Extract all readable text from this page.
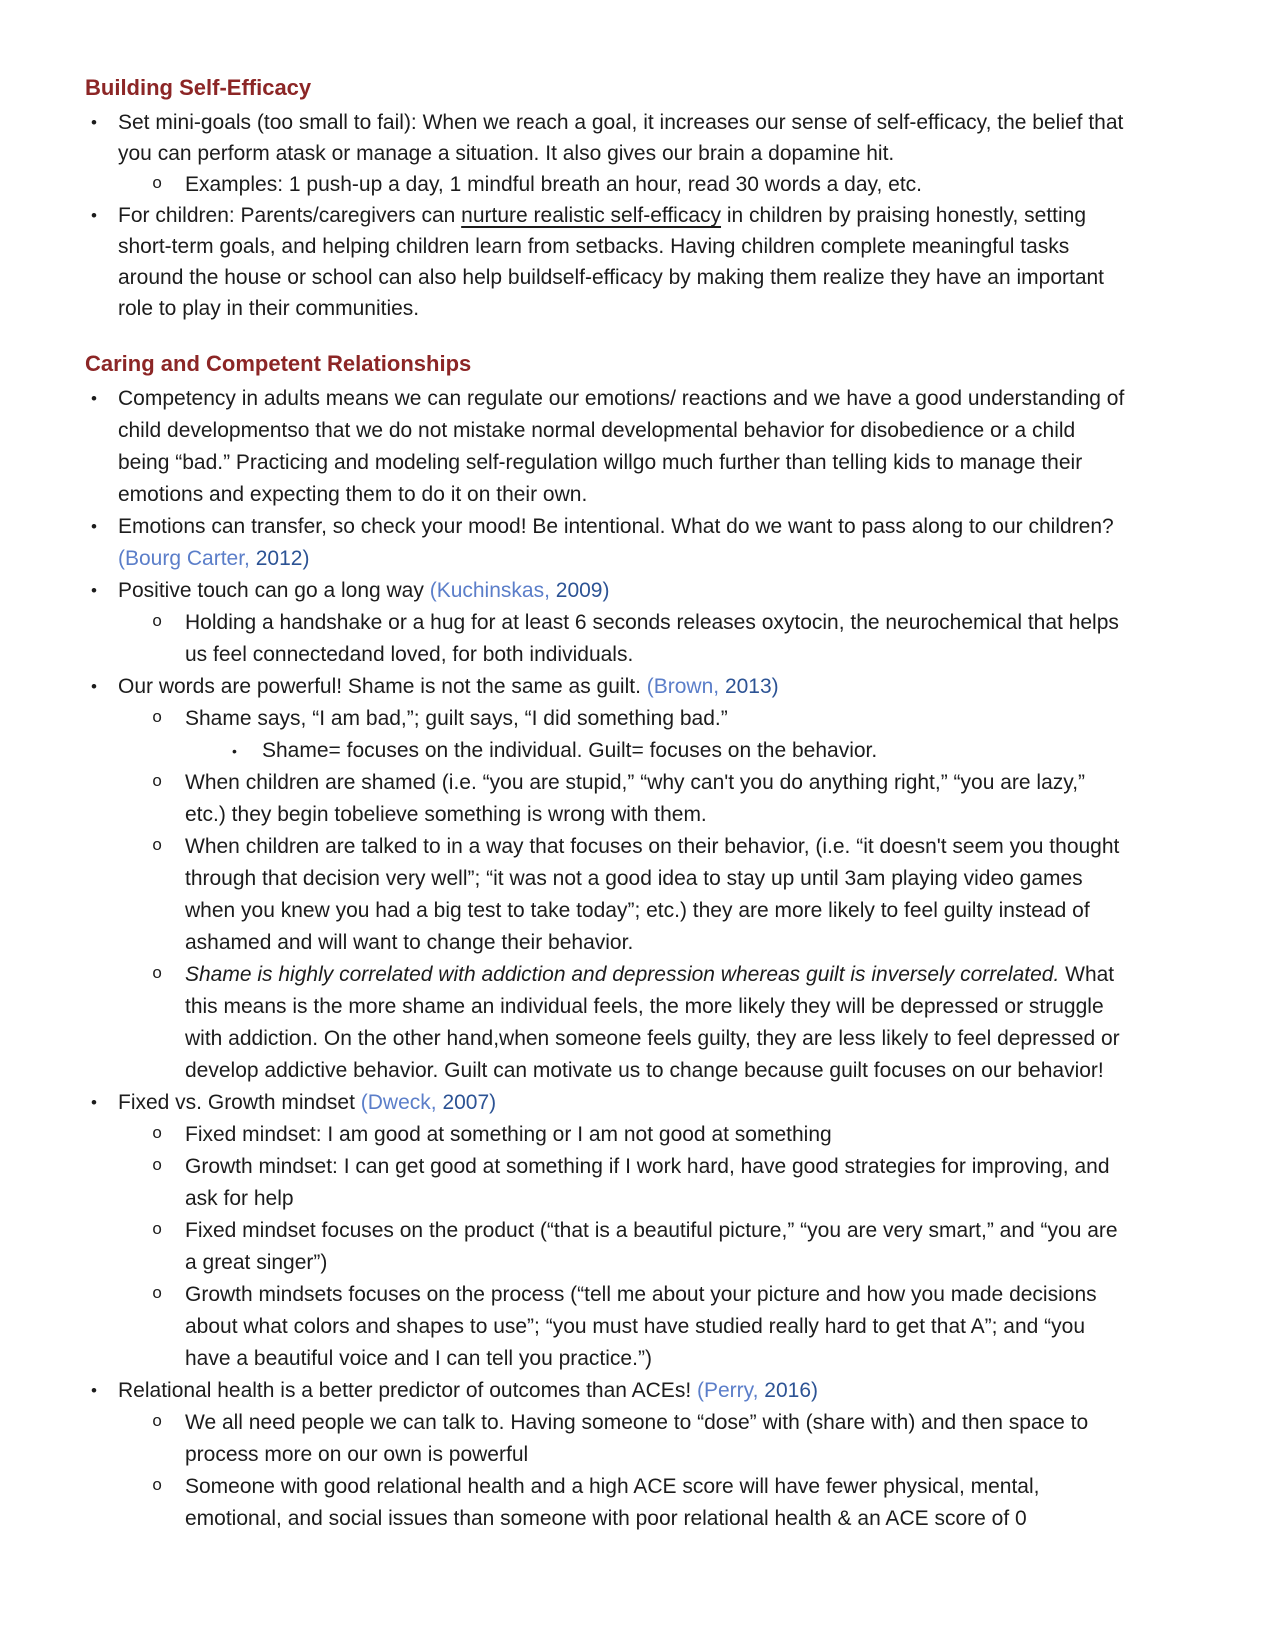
Building Self-Efficacy
• Set mini-goals (too small to fail): When we reach a goal, it increases our sense of self-efficacy, the belief that you can perform atask or manage a situation. It also gives our brain a dopamine hit.

o Examples: 1 push-up a day, 1 mindful breath an hour, read 30 words a day, etc.

• For children: Parents/caregivers can nurture realistic self-efficacy in children by praising honestly, setting short-term goals, and helping children learn from setbacks. Having children complete meaningful tasks around the house or school can also help buildself-efficacy by making them realize they have an important role to play in their communities.

Caring and Competent Relationships
• Competency in adults means we can regulate our emotions/ reactions and we have a good understanding of child developmentso that we do not mistake normal developmental behavior for disobedience or a child being “bad.” Practicing and modeling self-regulation willgo much further than telling kids to manage their emotions and expecting them to do it on their own.

• Emotions can transfer, so check your mood! Be intentional. What do we want to pass along to our children? (Bourg Carter, 2012)

• Positive touch can go a long way (Kuchinskas, 2009)

o Holding a handshake or a hug for at least 6 seconds releases oxytocin, the neurochemical that helps us feel connectedand loved, for both individuals.

• Our words are powerful! Shame is not the same as guilt. (Brown, 2013)

o Shame says, “I am bad,”; guilt says, “I did something bad.”

• Shame= focuses on the individual. Guilt= focuses on the behavior.

o When children are shamed (i.e. “you are stupid,” “why can't you do anything right,” “you are lazy,” etc.) they begin tobelieve something is wrong with them.

o When children are talked to in a way that focuses on their behavior, (i.e. “it doesn't seem you thought through that decision very well”; “it was not a good idea to stay up until 3am playing video games when you knew you had a big test to take today”; etc.) they are more likely to feel guilty instead of ashamed and will want to change their behavior.

o Shame is highly correlated with addiction and depression whereas guilt is inversely correlated. What this means is the more shame an individual feels, the more likely they will be depressed or struggle with addiction. On the other hand,when someone feels guilty, they are less likely to feel depressed or develop addictive behavior. Guilt can motivate us to change because guilt focuses on our behavior!

• Fixed vs. Growth mindset (Dweck, 2007)

o Fixed mindset: I am good at something or I am not good at something

o Growth mindset: I can get good at something if I work hard, have good strategies for improving, and ask for help

o Fixed mindset focuses on the product (“that is a beautiful picture,” “you are very smart,” and “you are a great singer”)

o Growth mindsets focuses on the process (“tell me about your picture and how you made decisions about what colors and shapes to use”; “you must have studied really hard to get that A”; and “you have a beautiful voice and I can tell you practice.”)

• Relational health is a better predictor of outcomes than ACEs! (Perry, 2016)

o We all need people we can talk to. Having someone to “dose” with (share with) and then space to process more on our own is powerful

o Someone with good relational health and a high ACE score will have fewer physical, mental, emotional, and social issues than someone with poor relational health & an ACE score of 0
